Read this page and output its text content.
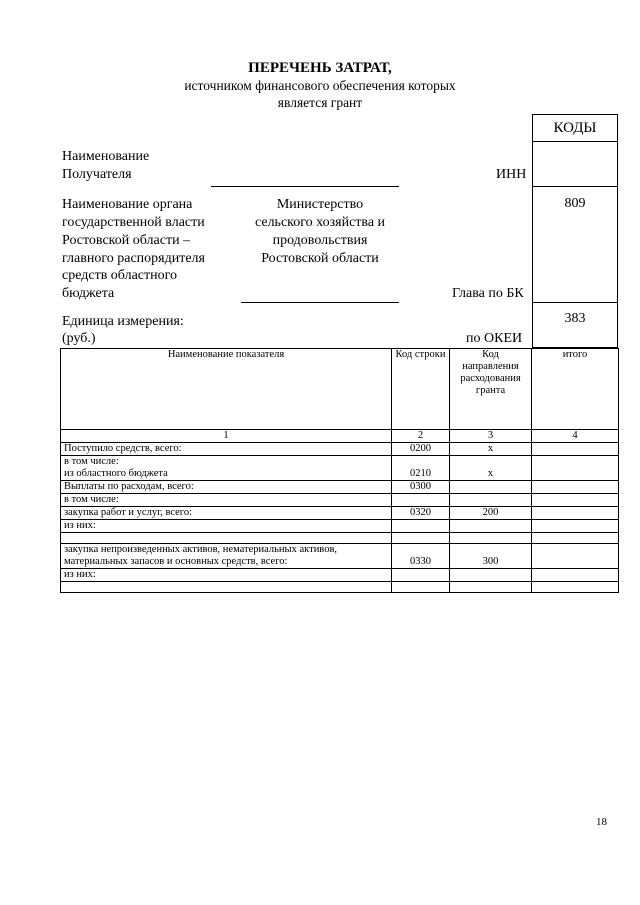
ПЕРЕЧЕНЬ ЗАТРАТ,
источником финансового обеспечения которых
является грант
КОДЫ
Наименование
Получателя	ИНН
Наименование органа
государственной власти
Ростовской области –
главного распорядителя
средств областного
бюджета
Министерство
сельского хозяйства и
продовольствия
Ростовской области
Глава по БК
809
Единица измерения:
(руб.)	по ОКЕИ
383
Наименование показателя	Код строки	Код направления расходования гранта	итого
1	2	3	4
Поступило средств, всего:	0200	х	

в том числе:
из областного бюджета	0210	х	
Выплаты по расходам, всего:	0300		
в том числе:			
закупка работ и услуг, всего:	0320	200	
из них:			

закупка непроизведенных активов, нематериальных активов,
материальных запасов и основных средств, всего:	0330	300	
из них:			

18
